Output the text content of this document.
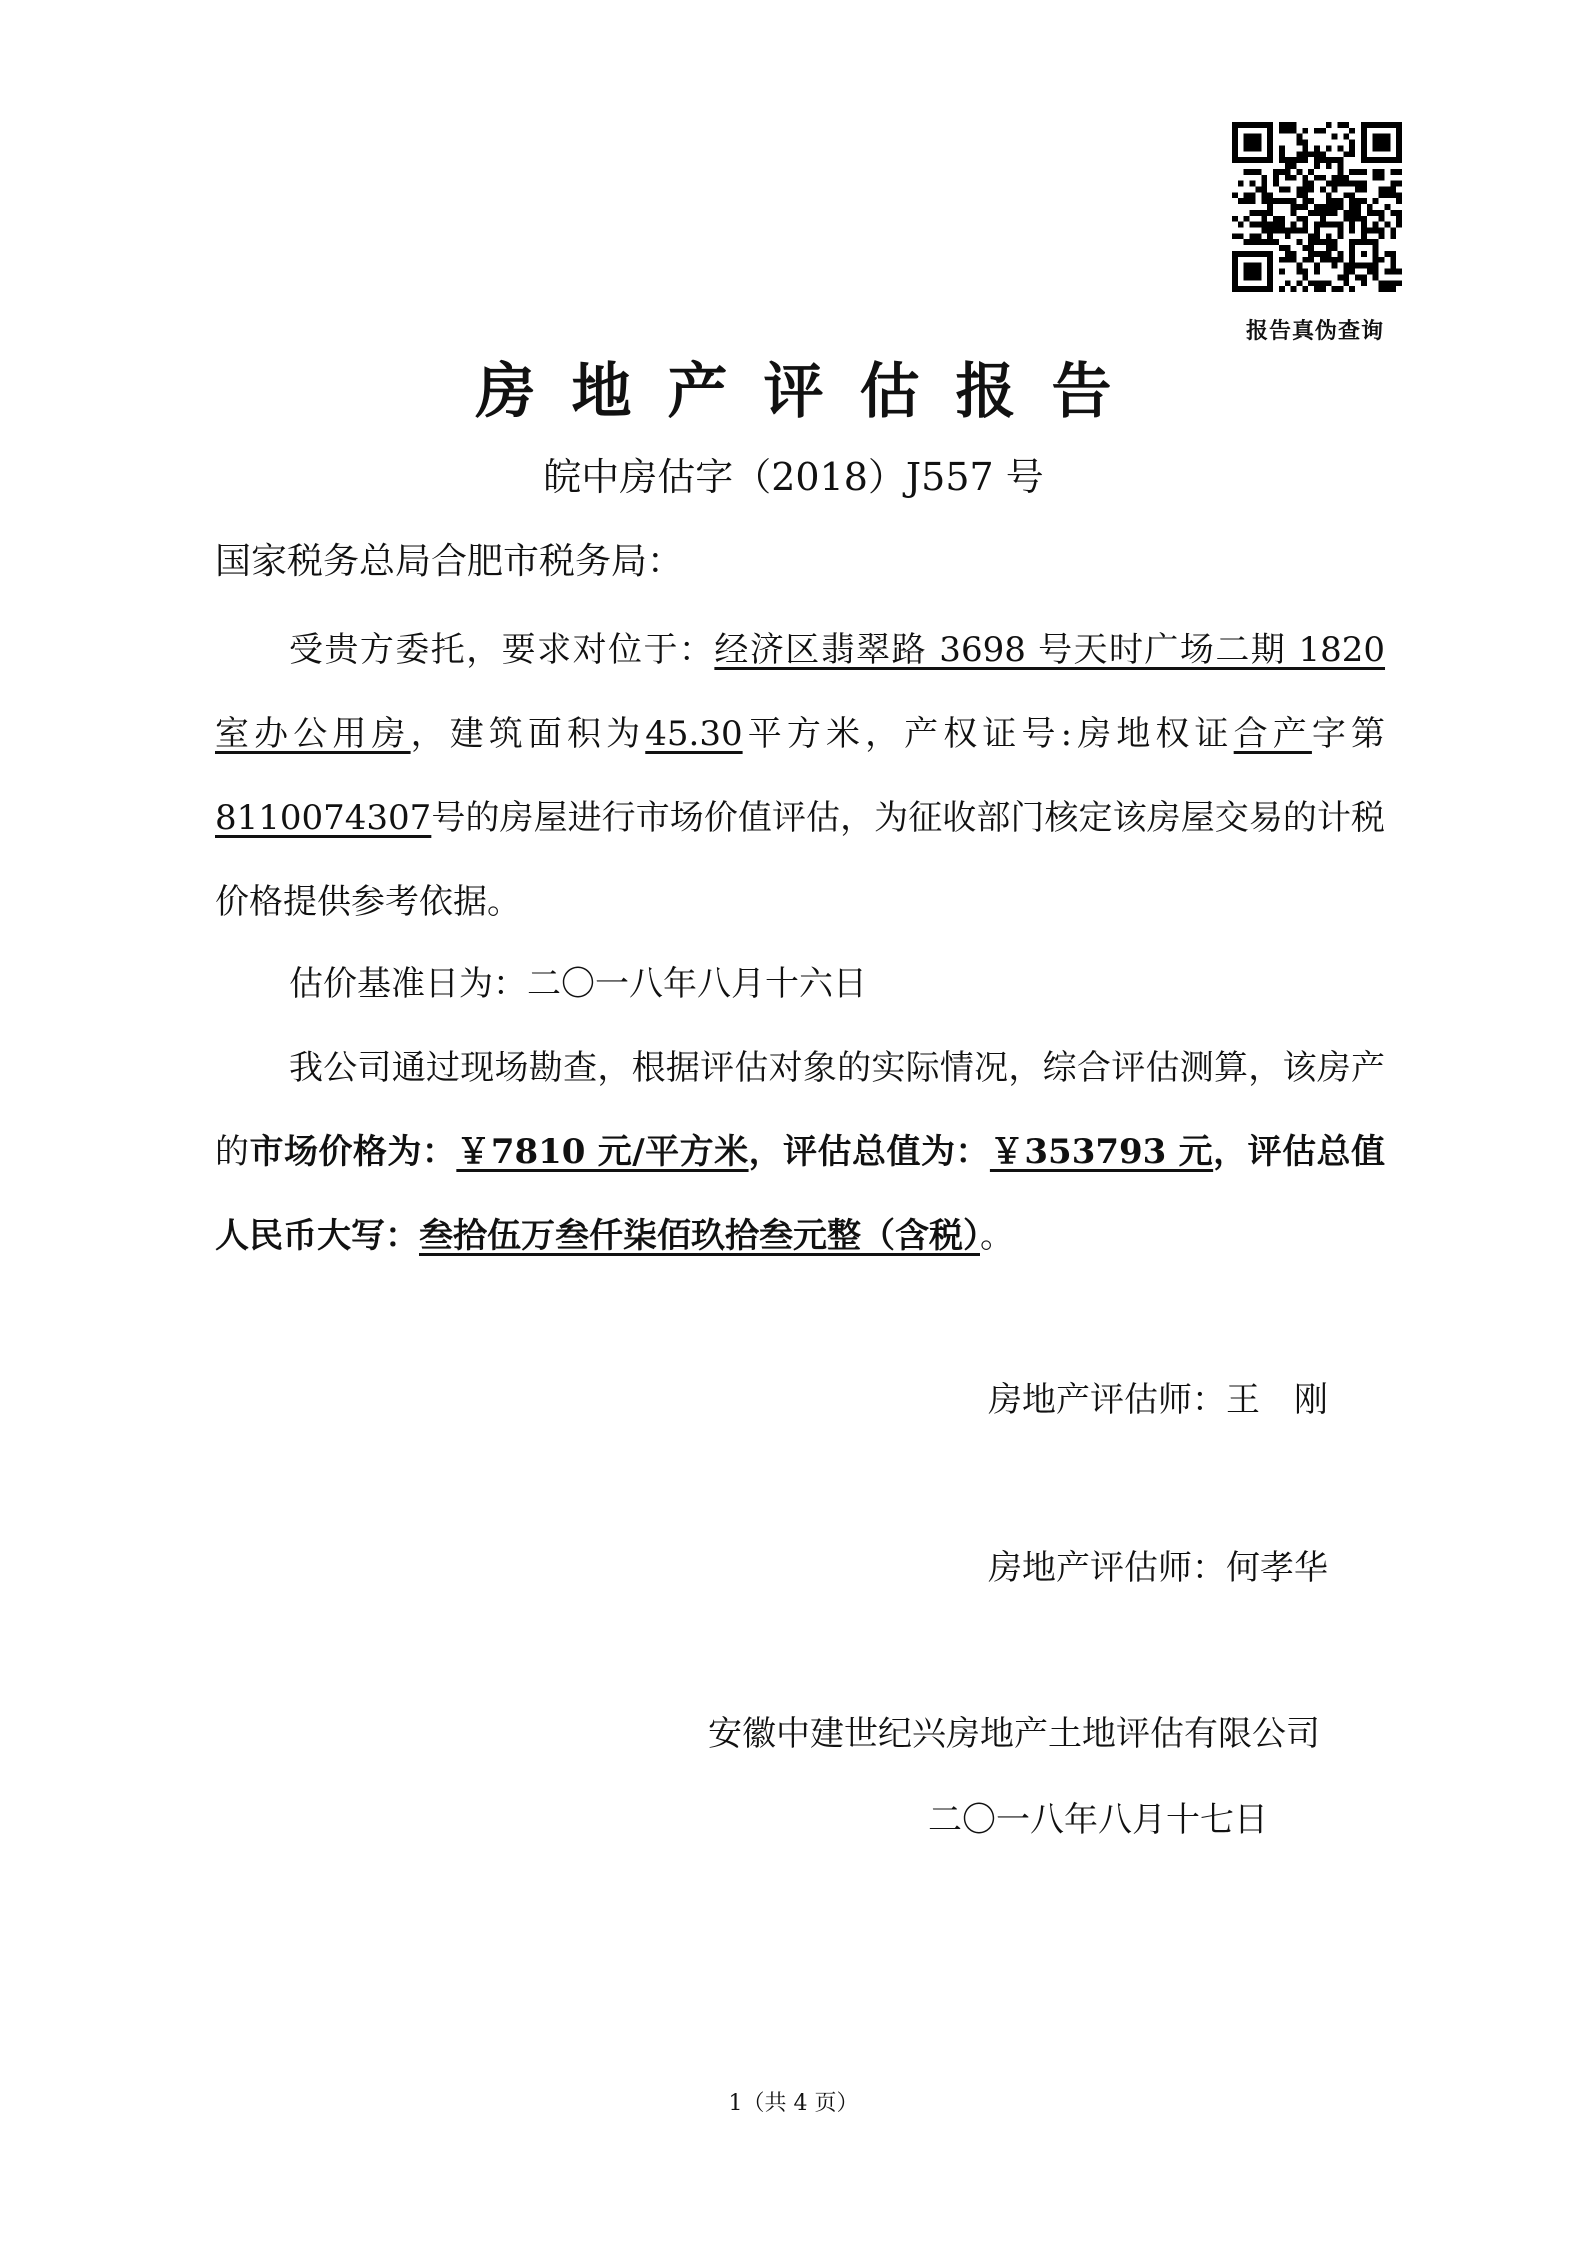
报告真伪查询
房 地 产 评 估 报 告
皖中房估字（2018）J557 号
国家税务总局合肥市税务局：
受贵方委托，要求对位于：经济区翡翠路 3698 号天时广场二期 1820 室办公用房，建筑面积为45.30平方米，产权证号:房地权证合产字第8110074307号的房屋进行市场价值评估，为征收部门核定该房屋交易的计税价格提供参考依据。
估价基准日为：二〇一八年八月十六日
我公司通过现场勘查，根据评估对象的实际情况，综合评估测算，该房产的市场价格为：￥7810 元/平方米，评估总值为：￥353793 元，评估总值人民币大写：叁拾伍万叁仟柒佰玖拾叁元整（含税）。
房地产评估师：王　刚
房地产评估师：何孝华
安徽中建世纪兴房地产土地评估有限公司
二〇一八年八月十七日
1（共 4 页）
